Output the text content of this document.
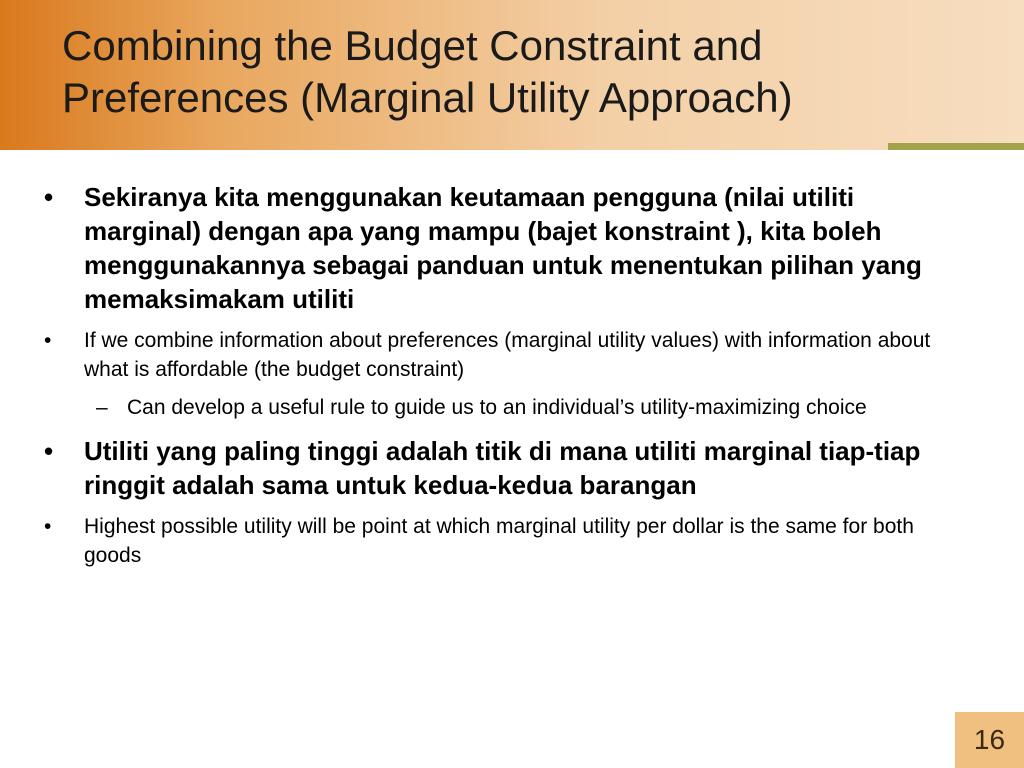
Combining the Budget Constraint and
Preferences (Marginal Utility Approach)
• Sekiranya kita menggunakan keutamaan pengguna (nilai utiliti marginal) dengan apa yang mampu (bajet konstraint ), kita boleh menggunakannya sebagai panduan untuk menentukan pilihan yang memaksimakam utiliti
• If we combine information about preferences (marginal utility values) with information about what is affordable (the budget constraint)
– Can develop a useful rule to guide us to an individual’s utility-maximizing choice
• Utiliti yang paling tinggi adalah titik di mana utiliti marginal tiap-tiap ringgit adalah sama untuk kedua-kedua barangan
• Highest possible utility will be point at which marginal utility per dollar is the same for both goods
16
